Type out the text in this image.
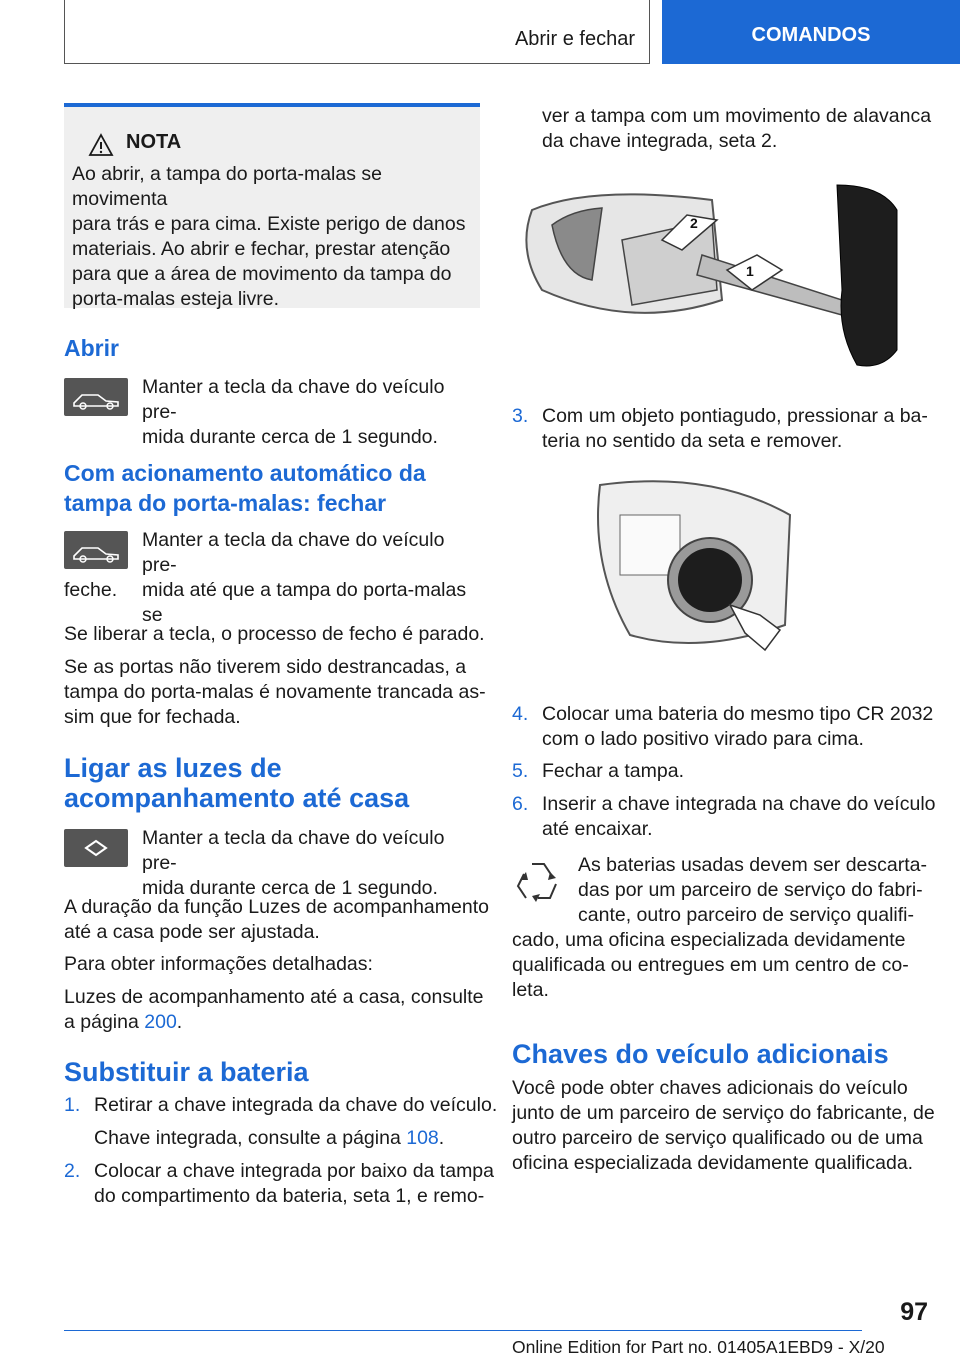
Abrir e fechar	COMANDOS
NOTA

Ao abrir, a tampa do porta-malas se movimenta

para trás e para cima. Existe perigo de danos

materiais. Ao abrir e fechar, prestar atenção

para que a área de movimento da tampa do

porta-malas esteja livre.

Abrir

Manter a tecla da chave do veículo pre-

mida durante cerca de 1 segundo.

Com acionamento automático da
tampa do porta-malas: fechar

Manter a tecla da chave do veículo pre-

mida até que a tampa do porta-malas se

feche.

Se liberar a tecla, o processo de fecho é parado.

Se as portas não tiverem sido destrancadas, a

tampa do porta-malas é novamente trancada as-

sim que for fechada.

Ligar as luzes de
acompanhamento até casa

Manter a tecla da chave do veículo pre-

mida durante cerca de 1 segundo.

A duração da função Luzes de acompanhamento

até a casa pode ser ajustada.

Para obter informações detalhadas:

Luzes de acompanhamento até a casa, consulte

a página 200.

Substituir a bateria
1. Retirar a chave integrada da chave do veículo.

Chave integrada, consulte a página 108.

2. Colocar a chave integrada por baixo da tampa

do compartimento da bateria, seta 1, e remo-

ver a tampa com um movimento de alavanca

da chave integrada, seta 2.

2
1
3. Com um objeto pontiagudo, pressionar a ba-

teria no sentido da seta e remover.

4. Colocar uma bateria do mesmo tipo CR 2032

com o lado positivo virado para cima.

5. Fechar a tampa.

6. Inserir a chave integrada na chave do veículo

até encaixar.

As baterias usadas devem ser descarta-

das por um parceiro de serviço do fabri-

cante, outro parceiro de serviço qualifi-

cado, uma oficina especializada devidamente

qualificada ou entregues em um centro de co-

leta.

Chaves do veículo adicionais

Você pode obter chaves adicionais do veículo

junto de um parceiro de serviço do fabricante, de

outro parceiro de serviço qualificado ou de uma

oficina especializada devidamente qualificada.

97
Online Edition for Part no. 01405A1EBD9 - X/20
